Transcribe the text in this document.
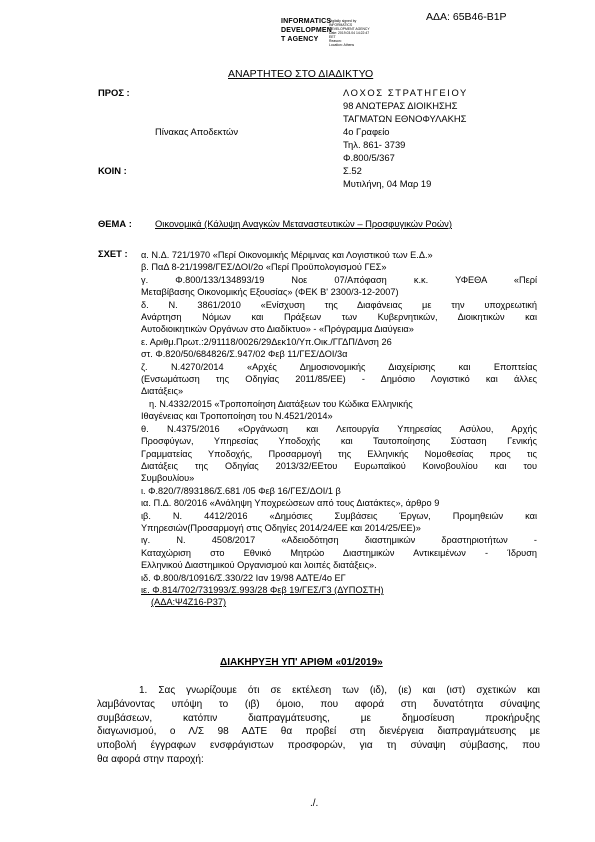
ΑΔΑ: 65Β46-Β1Ρ
INFORMATICS
DEVELOPMEN
T AGENCY
Digitally signed by
INFORMATICS
DEVELOPMENT AGENCY
Date: 2019.03.04 14:22:47
EET
Reason:
Location: Athens
ΑΝΑΡΤΗΤΕΟ ΣΤΟ ΔΙΑΔΙΚΤΥΟ
ΠΡΟΣ :
Πίνακας Αποδεκτών
ΚΟΙΝ :
ΛΟΧΟΣ ΣΤΡΑΤΗΓΕΙΟΥ
98 ΑΝΩΤΕΡΑΣ ΔΙΟΙΚΗΣΗΣ
ΤΑΓΜΑΤΩΝ ΕΘΝΟΦΥΛΑΚΗΣ
4ο Γραφείο
Τηλ. 861- 3739
Φ.800/5/367
Σ.52
Μυτιλήνη, 04 Μαρ 19
ΘΕΜΑ : Οικονομικά (Κάλυψη Αναγκών Μεταναστευτικών – Προσφυγικών Ροών)
ΣΧΕΤ : α. Ν.Δ. 721/1970 «Περί Οικονομικής Μέριμνας και Λογιστικού των Ε.Δ.»

β. ΠαΔ 8-21/1998/ΓΕΣ/ΔΟΙ/2ο «Περί Προϋπολογισμού ΓΕΣ»

γ. Φ.800/133/134893/19 Νοε 07/Απόφαση κ.κ. ΥΦΕΘΑ «Περί

Μεταβίβασης Οικονομικής Εξουσίας» (ΦΕΚ Β' 2300/3-12-2007)

δ. Ν. 3861/2010 «Ενίσχυση της Διαφάνειας με την υποχρεωτική

Ανάρτηση Νόμων και Πράξεων των Κυβερνητικών, Διοικητικών και

Αυτοδιοικητικών Οργάνων στο Διαδίκτυο» - «Πρόγραμμα Διαύγεια»

ε. Αριθμ.Πρωτ.:2/91118/0026/29Δεκ10/Υπ.Οικ./ΓΓΔΠ/Δνση 26

στ. Φ.820/50/684826/Σ.947/02 Φεβ 11/ΓΕΣ/ΔΟΙ/3α

ζ. Ν.4270/2014 «Αρχές Δημοσιονομικής Διαχείρισης και Εποπτείας

(Ενσωμάτωση της Οδηγίας 2011/85/ΕΕ) - Δημόσιο Λογιστικό και άλλες

Διατάξεις»

η. Ν.4332/2015 «Τροποποίηση Διατάξεων του Κώδικα Ελληνικής

Ιθαγένειας και Τροποποίηση του Ν.4521/2014»

θ. Ν.4375/2016 «Οργάνωση και Λειτουργία Υπηρεσίας Ασύλου, Αρχής

Προσφύγων, Υπηρεσίας Υποδοχής και Ταυτοποίησης Σύσταση Γενικής

Γραμματείας Υποδοχής, Προσαρμογή της Ελληνικής Νομοθεσίας προς τις

Διατάξεις της Οδηγίας 2013/32/ΕΕτου Ευρωπαϊκού Κοινοβουλίου και του

Συμβουλίου»

ι. Φ.820/7/893186/Σ.681 /05 Φεβ 16/ΓΕΣ/ΔΟΙ/1 β

ια. Π.Δ. 80/2016 «Ανάληψη Υποχρεώσεων από τους Διατάκτες», άρθρο 9

ιβ. Ν. 4412/2016 «Δημόσιες Συμβάσεις Έργων, Προμηθειών και

Υπηρεσιών(Προσαρμογή στις Οδηγίες 2014/24/ΕΕ και 2014/25/ΕΕ)»

ιγ. Ν. 4508/2017 «Αδειοδότηση διαστημικών δραστηριοτήτων -

Καταχώριση στο Εθνικό Μητρώο Διαστημικών Αντικειμένων - Ίδρυση

Ελληνικού Διαστημικού Οργανισμού και λοιπές διατάξεις».

ιδ. Φ.800/8/10916/Σ.330/22 Ιαν 19/98 ΑΔΤΕ/4ο ΕΓ

ιε. Φ.814/702/731993/Σ.993/28 Φεβ 19/ΓΕΣ/Γ3 (ΔΥΠΟΣΤΗ)

(ΑΔΑ:Ψ4Ζ16-Ρ37)

ΔΙΑΚΗΡΥΞΗ ΥΠ' ΑΡΙΘΜ «01/2019»
1. Σας γνωρίζουμε ότι σε εκτέλεση των (ιδ), (ιε) και (ιστ) σχετικών και
λαμβάνοντας υπόψη το (ιβ) όμοιο, που αφορά στη δυνατότητα σύναψης
συμβάσεων, κατόπιν διαπραγμάτευσης, με δημοσίευση προκήρυξης
διαγωνισμού, ο Λ/Σ 98 ΑΔΤΕ θα προβεί στη διενέργεια διαπραγμάτευσης με
υποβολή έγγραφων ενσφράγιστων προσφορών, για τη σύναψη σύμβασης, που
θα αφορά στην παροχή:
./.
